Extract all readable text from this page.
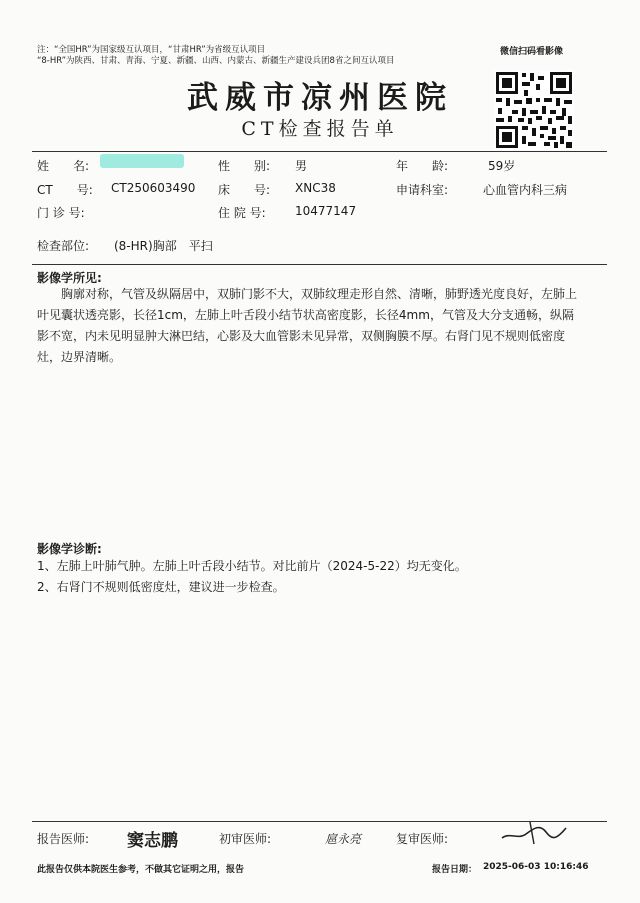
注：“全国HR”为国家级互认项目，“甘肃HR”为省级互认项目
“8-HR”为陕西、甘肃、青海、宁夏、新疆、山西、内蒙古、新疆生产建设兵团8省之间互认项目
微信扫码看影像
武威市凉州医院
CT检查报告单
姓　　名:	性　　别: 男	年　　龄:	59岁
CT　　号: CT250603490 床　　号: XNC38	申请科室:	心血管内科三病
门 诊 号:	住 院 号: 10477147
检查部位: (8-HR)胸部　平扫
影像学所见:
　　胸廓对称，气管及纵隔居中，双肺门影不大，双肺纹理走形自然、清晰，肺野透光度良好，左肺上叶见囊状透亮影，长径1cm，左肺上叶舌段小结节状高密度影，长径4mm，气管及大分支通畅，纵隔影不宽，内未见明显肿大淋巴结，心影及大血管影未见异常，双侧胸膜不厚。右肾门见不规则低密度灶，边界清晰。
影像学诊断:
1、左肺上叶肺气肿。左肺上叶舌段小结节。对比前片（2024-5-22）均无变化。
2、右肾门不规则低密度灶，建议进一步检查。
报告医师: 窦志鹏	初审医师:	扈永亮	复审医师:
此报告仅供本院医生参考，不做其它证明之用，报告	报告日期： 2025-06-03 10:16:46
